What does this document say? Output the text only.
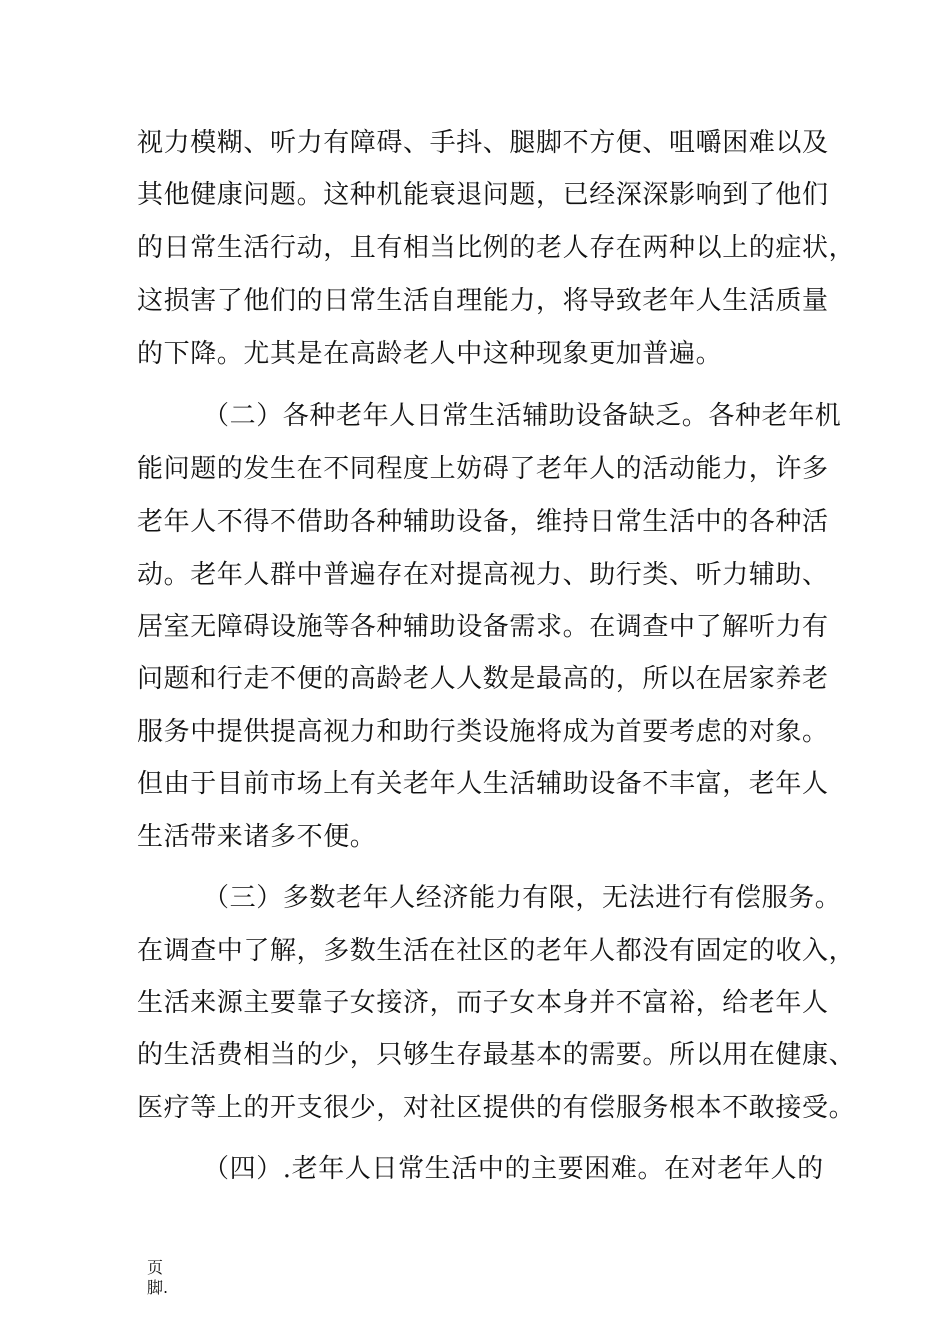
视力模糊、听力有障碍、手抖、腿脚不方便、咀嚼困难以及
其他健康问题。这种机能衰退问题，已经深深影响到了他们
的日常生活行动，且有相当比例的老人存在两种以上的症状，
这损害了他们的日常生活自理能力，将导致老年人生活质量
的下降。尤其是在高龄老人中这种现象更加普遍。
（二）各种老年人日常生活辅助设备缺乏。各种老年机
能问题的发生在不同程度上妨碍了老年人的活动能力，许多
老年人不得不借助各种辅助设备，维持日常生活中的各种活
动。老年人群中普遍存在对提高视力、助行类、听力辅助、
居室无障碍设施等各种辅助设备需求。在调查中了解听力有
问题和行走不便的高龄老人人数是最高的，所以在居家养老
服务中提供提高视力和助行类设施将成为首要考虑的对象。
但由于目前市场上有关老年人生活辅助设备不丰富，老年人
生活带来诸多不便。
（三）多数老年人经济能力有限，无法进行有偿服务。
在调查中了解，多数生活在社区的老年人都没有固定的收入，
生活来源主要靠子女接济，而子女本身并不富裕，给老年人
的生活费相当的少，只够生存最基本的需要。所以用在健康、
医疗等上的开支很少，对社区提供的有偿服务根本不敢接受。
（四）.老年人日常生活中的主要困难。在对老年人的
页
脚.
